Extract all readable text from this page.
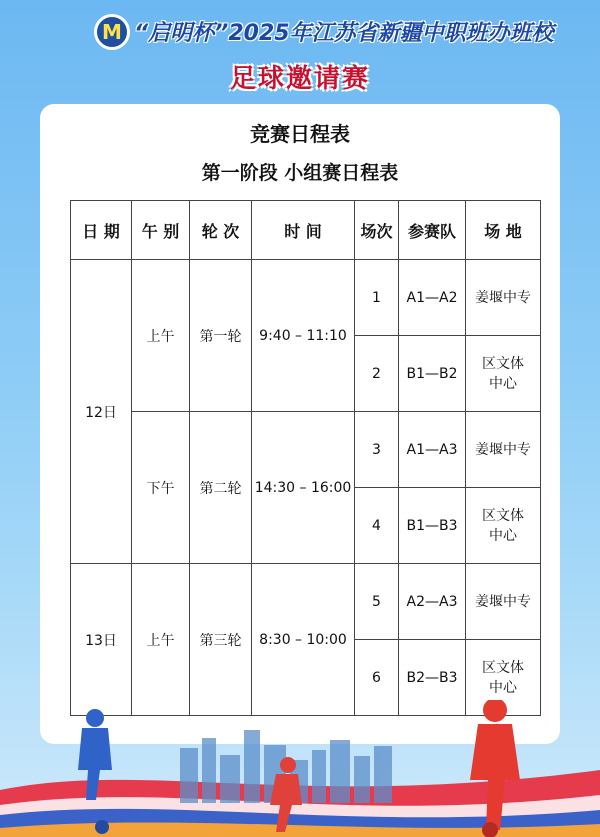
M “启明杯”2025年江苏省新疆中职班办班校
足球邀请赛
竞赛日程表
第一阶段 小组赛日程表
日 期	午 别	轮 次	时 间	场次	参赛队	场 地
12日	上午	第一轮	9:40 – 11:10	1	A1—A2	姜堰中专
				2	B1—B2	区文体
中心
	下午	第二轮	14:30 – 16:00	3	A1—A3	姜堰中专
				4	B1—B3	区文体
中心
13日	上午	第三轮	8:30 – 10:00	5	A2—A3	姜堰中专
				6	B2—B3	区文体
中心
